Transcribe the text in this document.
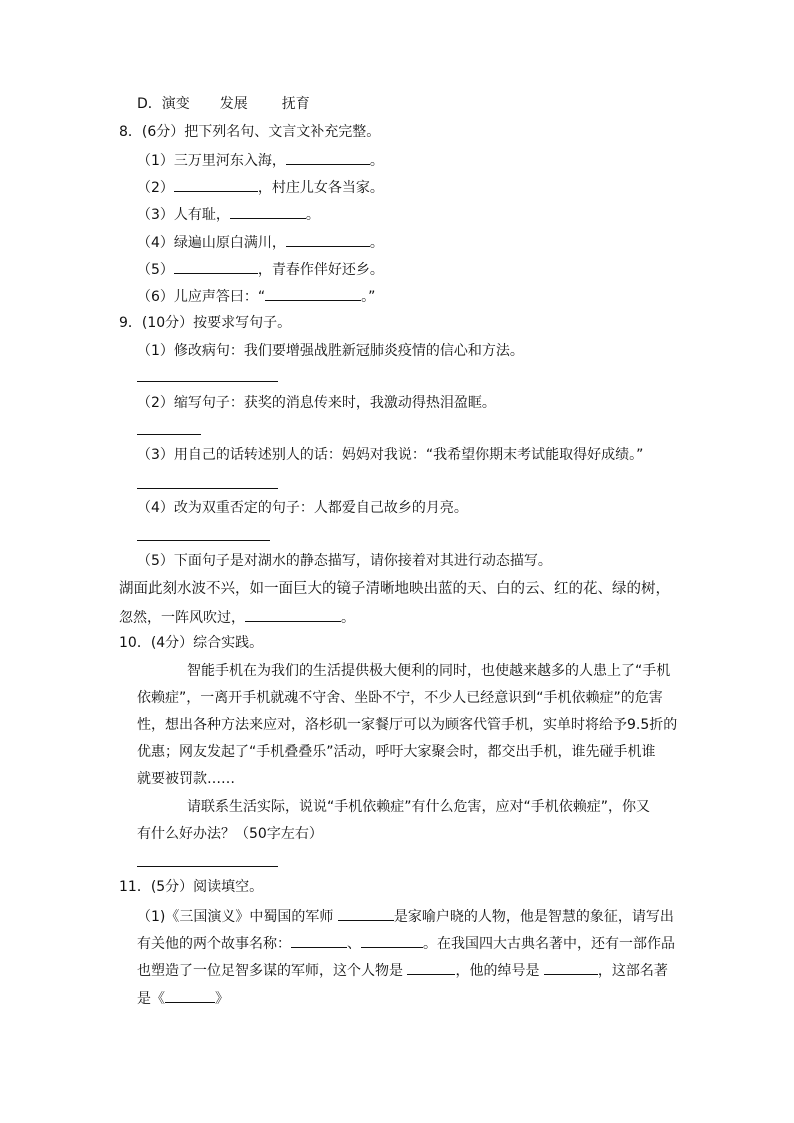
D．演变 发展 抚育
8．(6分）把下列名句、文言文补充完整。
（1）三万里河东入海，	。
（2）	，村庄儿女各当家。
（3）人有耻，	。
（4）绿遍山原白满川，	。
（5）	，青春作伴好还乡。
（6）儿应声答曰：“	。”
9．(10分）按要求写句子。
（1）修改病句：我们要增强战胜新冠肺炎疫情的信心和方法。
（2）缩写句子：获奖的消息传来时，我激动得热泪盈眶。
（3）用自己的话转述别人的话：妈妈对我说：“我希望你期末考试能取得好成绩。”
（4）改为双重否定的句子：人都爱自己故乡的月亮。
（5）下面句子是对湖水的静态描写，请你接着对其进行动态描写。
湖面此刻水波不兴，如一面巨大的镜子清晰地映出蓝的天、白的云、红的花、绿的树，
忽然，一阵风吹过，	。
10．(4分）综合实践。
智能手机在为我们的生活提供极大便利的同时，也使越来越多的人患上了“手机
依赖症”，一离开手机就魂不守舍、坐卧不宁，不少人已经意识到“手机依赖症”的危害
性，想出各种方法来应对，洛杉矶一家餐厅可以为顾客代管手机，实单时将给予9.5折的
优惠；网友发起了“手机叠叠乐”活动，呼吁大家聚会时，都交出手机，谁先碰手机谁
就要被罚款……
请联系生活实际，说说“手机依赖症”有什么危害，应对“手机依赖症”，你又
有什么好办法？（50字左右）
11．(5分）阅读填空。
（1)《三国演义》中蜀国的军师	是家喻户晓的人物，他是智慧的象征，请写出
有关他的两个故事名称：	、	。在我国四大古典名著中，还有一部作品
也塑造了一位足智多谋的军师，这个人物是	，他的绰号是	，这部名著
是《	》
